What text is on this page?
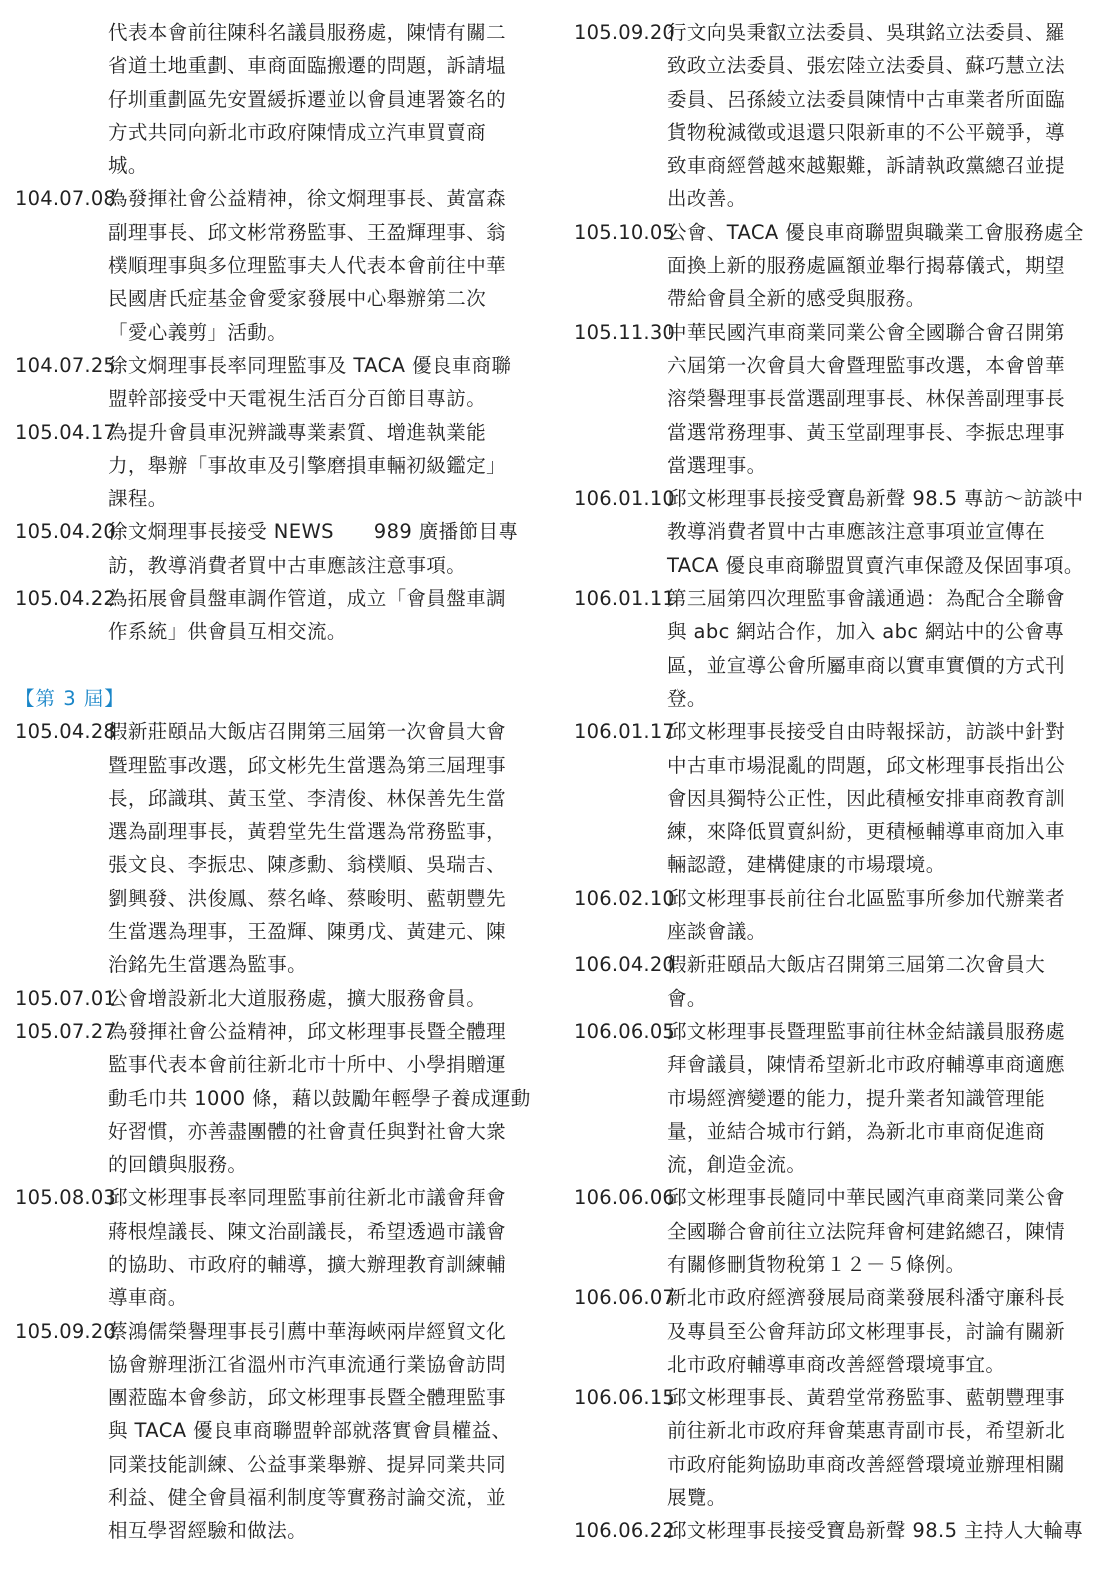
代表本會前往陳科名議員服務處，陳情有關二
省道土地重劃、車商面臨搬遷的問題，訴請塭
仔圳重劃區先安置緩拆遷並以會員連署簽名的
方式共同向新北市政府陳情成立汽車買賣商
城。
104.07.08為發揮社會公益精神，徐文烱理事長、黃富森
副理事長、邱文彬常務監事、王盈輝理事、翁
樸順理事與多位理監事夫人代表本會前往中華
民國唐氏症基金會愛家發展中心舉辦第二次
「愛心義剪」活動。
104.07.25徐文烱理事長率同理監事及 TACA 優良車商聯
盟幹部接受中天電視生活百分百節目專訪。
105.04.17為提升會員車況辨識專業素質、增進執業能
力，舉辦「事故車及引擎磨損車輛初級鑑定」
課程。
105.04.20徐文烱理事長接受 NEWS　　989 廣播節目專
訪，教導消費者買中古車應該注意事項。
105.04.22為拓展會員盤車調作管道，成立「會員盤車調
作系統」供會員互相交流。
【第 3 屆】
105.04.28假新莊頤品大飯店召開第三屆第一次會員大會
暨理監事改選，邱文彬先生當選為第三屆理事
長，邱識琪、黃玉堂、李清俊、林保善先生當
選為副理事長，黃碧堂先生當選為常務監事，
張文良、李振忠、陳彥勳、翁樸順、吳瑞吉、
劉興發、洪俊鳳、蔡名峰、蔡畯明、藍朝豐先
生當選為理事，王盈輝、陳勇戊、黃建元、陳
治銘先生當選為監事。
105.07.01公會增設新北大道服務處，擴大服務會員。
105.07.27為發揮社會公益精神，邱文彬理事長暨全體理
監事代表本會前往新北市十所中、小學捐贈運
動毛巾共 1000 條，藉以鼓勵年輕學子養成運動
好習慣，亦善盡團體的社會責任與對社會大衆
的回饋與服務。
105.08.03邱文彬理事長率同理監事前往新北市議會拜會
蔣根煌議長、陳文治副議長，希望透過市議會
的協助、市政府的輔導，擴大辦理教育訓練輔
導車商。
105.09.20蔡鴻儒榮譽理事長引薦中華海峽兩岸經貿文化
協會辦理浙江省溫州市汽車流通行業協會訪問
團蒞臨本會參訪，邱文彬理事長暨全體理監事
與 TACA 優良車商聯盟幹部就落實會員權益、
同業技能訓練、公益事業舉辦、提昇同業共同
利益、健全會員福利制度等實務討論交流，並
相互學習經驗和做法。
105.09.20行文向吳秉叡立法委員、吳琪銘立法委員、羅
致政立法委員、張宏陸立法委員、蘇巧慧立法
委員、呂孫綾立法委員陳情中古車業者所面臨
貨物稅減徵或退還只限新車的不公平競爭，導
致車商經營越來越艱難，訴請執政黨總召並提
出改善。
105.10.05公會、TACA 優良車商聯盟與職業工會服務處全
面換上新的服務處匾額並舉行揭幕儀式，期望
帶給會員全新的感受與服務。
105.11.30中華民國汽車商業同業公會全國聯合會召開第
六屆第一次會員大會暨理監事改選，本會曾華
溶榮譽理事長當選副理事長、林保善副理事長
當選常務理事、黃玉堂副理事長、李振忠理事
當選理事。
106.01.10邱文彬理事長接受寶島新聲 98.5 專訪～訪談中
教導消費者買中古車應該注意事項並宣傳在
TACA 優良車商聯盟買賣汽車保證及保固事項。
106.01.11第三屆第四次理監事會議通過：為配合全聯會
與 abc 網站合作，加入 abc 網站中的公會專
區，並宣導公會所屬車商以實車實價的方式刊
登。
106.01.17邱文彬理事長接受自由時報採訪，訪談中針對
中古車市場混亂的問題，邱文彬理事長指出公
會因具獨特公正性，因此積極安排車商教育訓
練，來降低買賣糾紛，更積極輔導車商加入車
輛認證，建構健康的市場環境。
106.02.10邱文彬理事長前往台北區監事所參加代辦業者
座談會議。
106.04.20假新莊頤品大飯店召開第三屆第二次會員大
會。
106.06.05邱文彬理事長暨理監事前往林金結議員服務處
拜會議員，陳情希望新北市政府輔導車商適應
市場經濟變遷的能力，提升業者知識管理能
量，並結合城市行銷，為新北市車商促進商
流，創造金流。
106.06.06邱文彬理事長隨同中華民國汽車商業同業公會
全國聯合會前往立法院拜會柯建銘總召，陳情
有關修刪貨物稅第１２－５條例。
106.06.07新北市政府經濟發展局商業發展科潘守廉科長
及專員至公會拜訪邱文彬理事長，討論有關新
北市政府輔導車商改善經營環境事宜。
106.06.15邱文彬理事長、黃碧堂常務監事、藍朝豐理事
前往新北市政府拜會葉惠青副市長，希望新北
市政府能夠協助車商改善經營環境並辦理相關
展覽。
106.06.22邱文彬理事長接受寶島新聲 98.5 主持人大輪專
